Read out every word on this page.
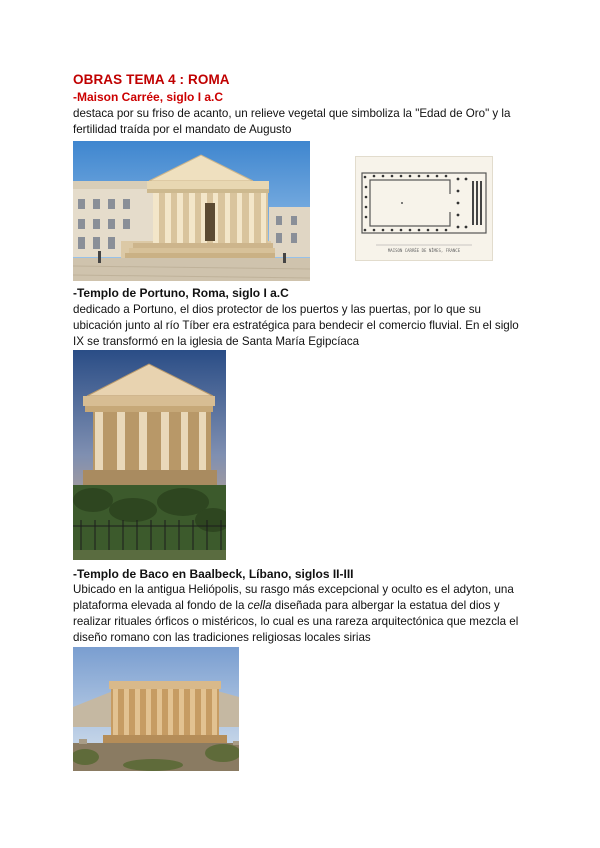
OBRAS TEMA 4 : ROMA
-Maison Carrée, siglo I a.C
destaca por su friso de acanto, un relieve vegetal que simboliza la "Edad de Oro" y la fertilidad traída por el mandato de Augusto
MAISON CARRÉE DE NÎMES, FRANCE
-Templo de Portuno, Roma, siglo I a.C
dedicado a Portuno, el dios protector de los puertos y las puertas, por lo que su ubicación junto al río Tíber era estratégica para bendecir el comercio fluvial. En el siglo IX se transformó en la iglesia de Santa María Egipcíaca
-Templo de Baco en Baalbeck, Líbano, siglos II-III
Ubicado en la antigua Heliópolis, su rasgo más excepcional y oculto es el adyton, una plataforma elevada al fondo de la cella diseñada para albergar la estatua del dios y realizar rituales órficos o mistéricos, lo cual es una rareza arquitectónica que mezcla el diseño romano con las tradiciones religiosas locales sirias
